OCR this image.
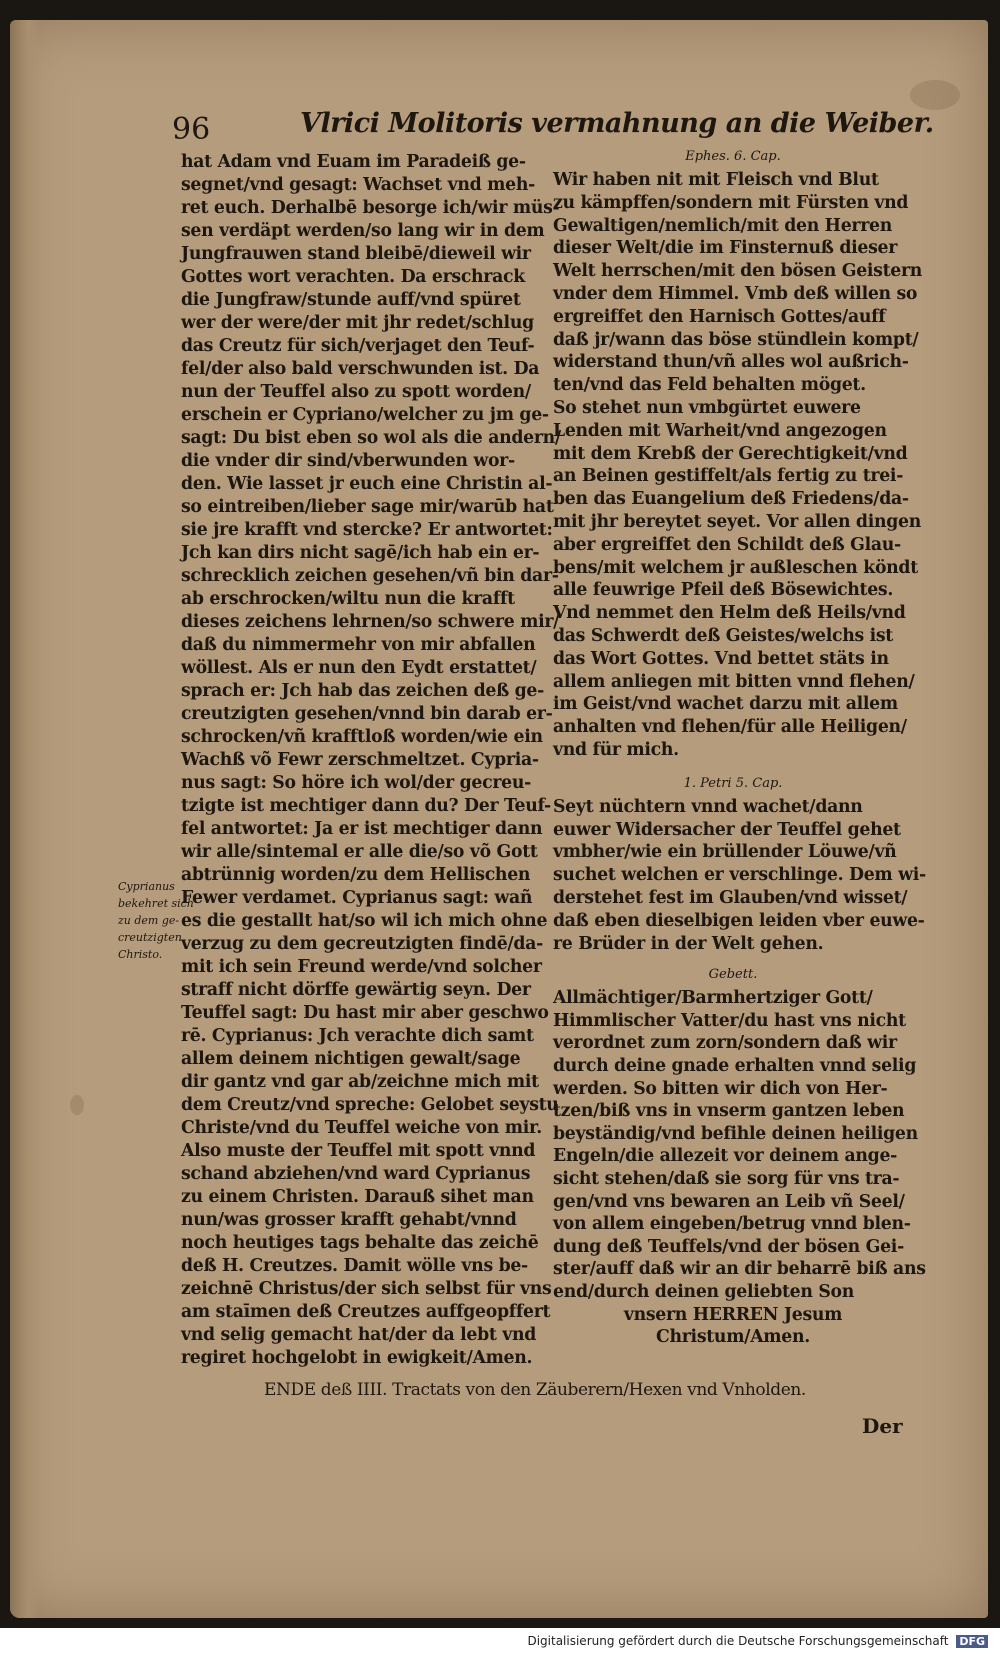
96	Vlrici Molitoris vermahnung an die Weiber.
hat Adam vnd Euam im Paradeiß ge-
segnet/vnd gesagt: Wachset vnd meh-
ret euch. Derhalbē besorge ich/wir müs-
sen verdäpt werden/so lang wir in dem
Jungfrauwen stand bleibē/dieweil wir
Gottes wort verachten. Da erschrack
die Jungfraw/stunde auff/vnd spüret
wer der were/der mit jhr redet/schlug
das Creutz für sich/verjaget den Teuf-
fel/der also bald verschwunden ist. Da
nun der Teuffel also zu spott worden/
erschein er Cypriano/welcher zu jm ge-
sagt: Du bist eben so wol als die andern/
die vnder dir sind/vberwunden wor-
den. Wie lasset jr euch eine Christin al-
so eintreiben/lieber sage mir/warūb hat
sie jre krafft vnd stercke? Er antwortet:
Jch kan dirs nicht sagē/ich hab ein er-
schrecklich zeichen gesehen/vñ bin dar-
ab erschrocken/wiltu nun die krafft
dieses zeichens lehrnen/so schwere mir/
daß du nimmermehr von mir abfallen
wöllest. Als er nun den Eydt erstattet/
sprach er: Jch hab das zeichen deß ge-
creutzigten gesehen/vnnd bin darab er-
schrocken/vñ krafftloß worden/wie ein
Wachß võ Fewr zerschmeltzet. Cypria-
nus sagt: So höre ich wol/der gecreu-
tzigte ist mechtiger dann du? Der Teuf-
fel antwortet: Ja er ist mechtiger dann
wir alle/sintemal er alle die/so võ Gott
abtrünnig worden/zu dem Hellischen
Fewer verdamet. Cyprianus sagt: wañ
es die gestallt hat/so wil ich mich ohne
verzug zu dem gecreutzigten findē/da-
mit ich sein Freund werde/vnd solcher
straff nicht dörffe gewärtig seyn. Der
Teuffel sagt: Du hast mir aber geschwo
rē. Cyprianus: Jch verachte dich samt
allem deinem nichtigen gewalt/sage
dir gantz vnd gar ab/zeichne mich mit
dem Creutz/vnd spreche: Gelobet seystu
Christe/vnd du Teuffel weiche von mir.
Also muste der Teuffel mit spott vnnd
schand abziehen/vnd ward Cyprianus
zu einem Christen. Darauß sihet man
nun/was grosser krafft gehabt/vnnd
noch heutiges tags behalte das zeichē
deß H. Creutzes. Damit wölle vns be-
zeichnē Christus/der sich selbst für vns
am staīmen deß Creutzes auffgeopffert
vnd selig gemacht hat/der da lebt vnd
regiret hochgelobt in ewigkeit/Amen.
Cyprianus
bekehret sich
zu dem ge-
creutzigten
Christo.
Ephes. 6. Cap.
Wir haben nit mit Fleisch vnd Blut
zu kämpffen/sondern mit Fürsten vnd
Gewaltigen/nemlich/mit den Herren
dieser Welt/die im Finsternuß dieser
Welt herrschen/mit den bösen Geistern
vnder dem Himmel. Vmb deß willen so
ergreiffet den Harnisch Gottes/auff
daß jr/wann das böse stündlein kompt/
widerstand thun/vñ alles wol außrich-
ten/vnd das Feld behalten möget.
So stehet nun vmbgürtet euwere
Lenden mit Warheit/vnd angezogen
mit dem Krebß der Gerechtigkeit/vnd
an Beinen gestiffelt/als fertig zu trei-
ben das Euangelium deß Friedens/da-
mit jhr bereytet seyet. Vor allen dingen
aber ergreiffet den Schildt deß Glau-
bens/mit welchem jr außleschen köndt
alle feuwrige Pfeil deß Bösewichtes.
Vnd nemmet den Helm deß Heils/vnd
das Schwerdt deß Geistes/welchs ist
das Wort Gottes. Vnd bettet stäts in
allem anliegen mit bitten vnnd flehen/
im Geist/vnd wachet darzu mit allem
anhalten vnd flehen/für alle Heiligen/
vnd für mich.
1. Petri 5. Cap.
Seyt nüchtern vnnd wachet/dann
euwer Widersacher der Teuffel gehet
vmbher/wie ein brüllender Löuwe/vñ
suchet welchen er verschlinge. Dem wi-
derstehet fest im Glauben/vnd wisset/
daß eben dieselbigen leiden vber euwe-
re Brüder in der Welt gehen.
Gebett.
Allmächtiger/Barmhertziger Gott/
Himmlischer Vatter/du hast vns nicht
verordnet zum zorn/sondern daß wir
durch deine gnade erhalten vnnd selig
werden. So bitten wir dich von Her-
tzen/biß vns in vnserm gantzen leben
beyständig/vnd befihle deinen heiligen
Engeln/die allezeit vor deinem ange-
sicht stehen/daß sie sorg für vns tra-
gen/vnd vns bewaren an Leib vñ Seel/
von allem eingeben/betrug vnnd blen-
dung deß Teuffels/vnd der bösen Gei-
ster/auff daß wir an dir beharrē biß ans
end/durch deinen geliebten Son
vnsern HERREN Jesum
Christum/Amen.
ENDE deß IIII. Tractats von den Zäuberern/Hexen vnd Vnholden.
Der
Digitalisierung gefördert durch die Deutsche Forschungsgemeinschaft DFG
